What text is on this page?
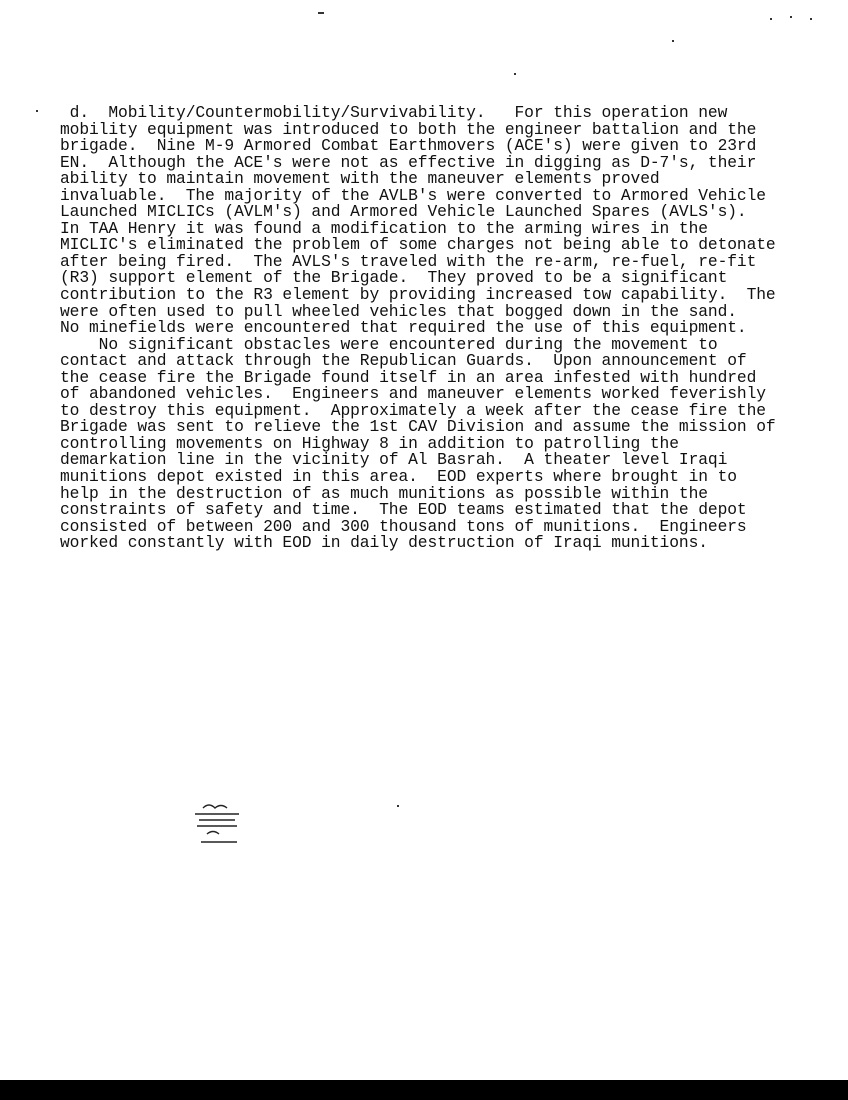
d.  Mobility/Countermobility/Survivability.   For this operation new
mobility equipment was introduced to both the engineer battalion and the
brigade.  Nine M-9 Armored Combat Earthmovers (ACE's) were given to 23rd
EN.  Although the ACE's were not as effective in digging as D-7's, their
ability to maintain movement with the maneuver elements proved
invaluable.  The majority of the AVLB's were converted to Armored Vehicle
Launched MICLICs (AVLM's) and Armored Vehicle Launched Spares (AVLS's).
In TAA Henry it was found a modification to the arming wires in the
MICLIC's eliminated the problem of some charges not being able to detonate
after being fired.  The AVLS's traveled with the re-arm, re-fuel, re-fit
(R3) support element of the Brigade.  They proved to be a significant
contribution to the R3 element by providing increased tow capability.  The
were often used to pull wheeled vehicles that bogged down in the sand.
No minefields were encountered that required the use of this equipment.
No significant obstacles were encountered during the movement to
contact and attack through the Republican Guards.  Upon announcement of
the cease fire the Brigade found itself in an area infested with hundred
of abandoned vehicles.  Engineers and maneuver elements worked feverishly
to destroy this equipment.  Approximately a week after the cease fire the
Brigade was sent to relieve the 1st CAV Division and assume the mission of
controlling movements on Highway 8 in addition to patrolling the
demarkation line in the vicinity of Al Basrah.  A theater level Iraqi
munitions depot existed in this area.  EOD experts where brought in to
help in the destruction of as much munitions as possible within the
constraints of safety and time.  The EOD teams estimated that the depot
consisted of between 200 and 300 thousand tons of munitions.  Engineers
worked constantly with EOD in daily destruction of Iraqi munitions.
